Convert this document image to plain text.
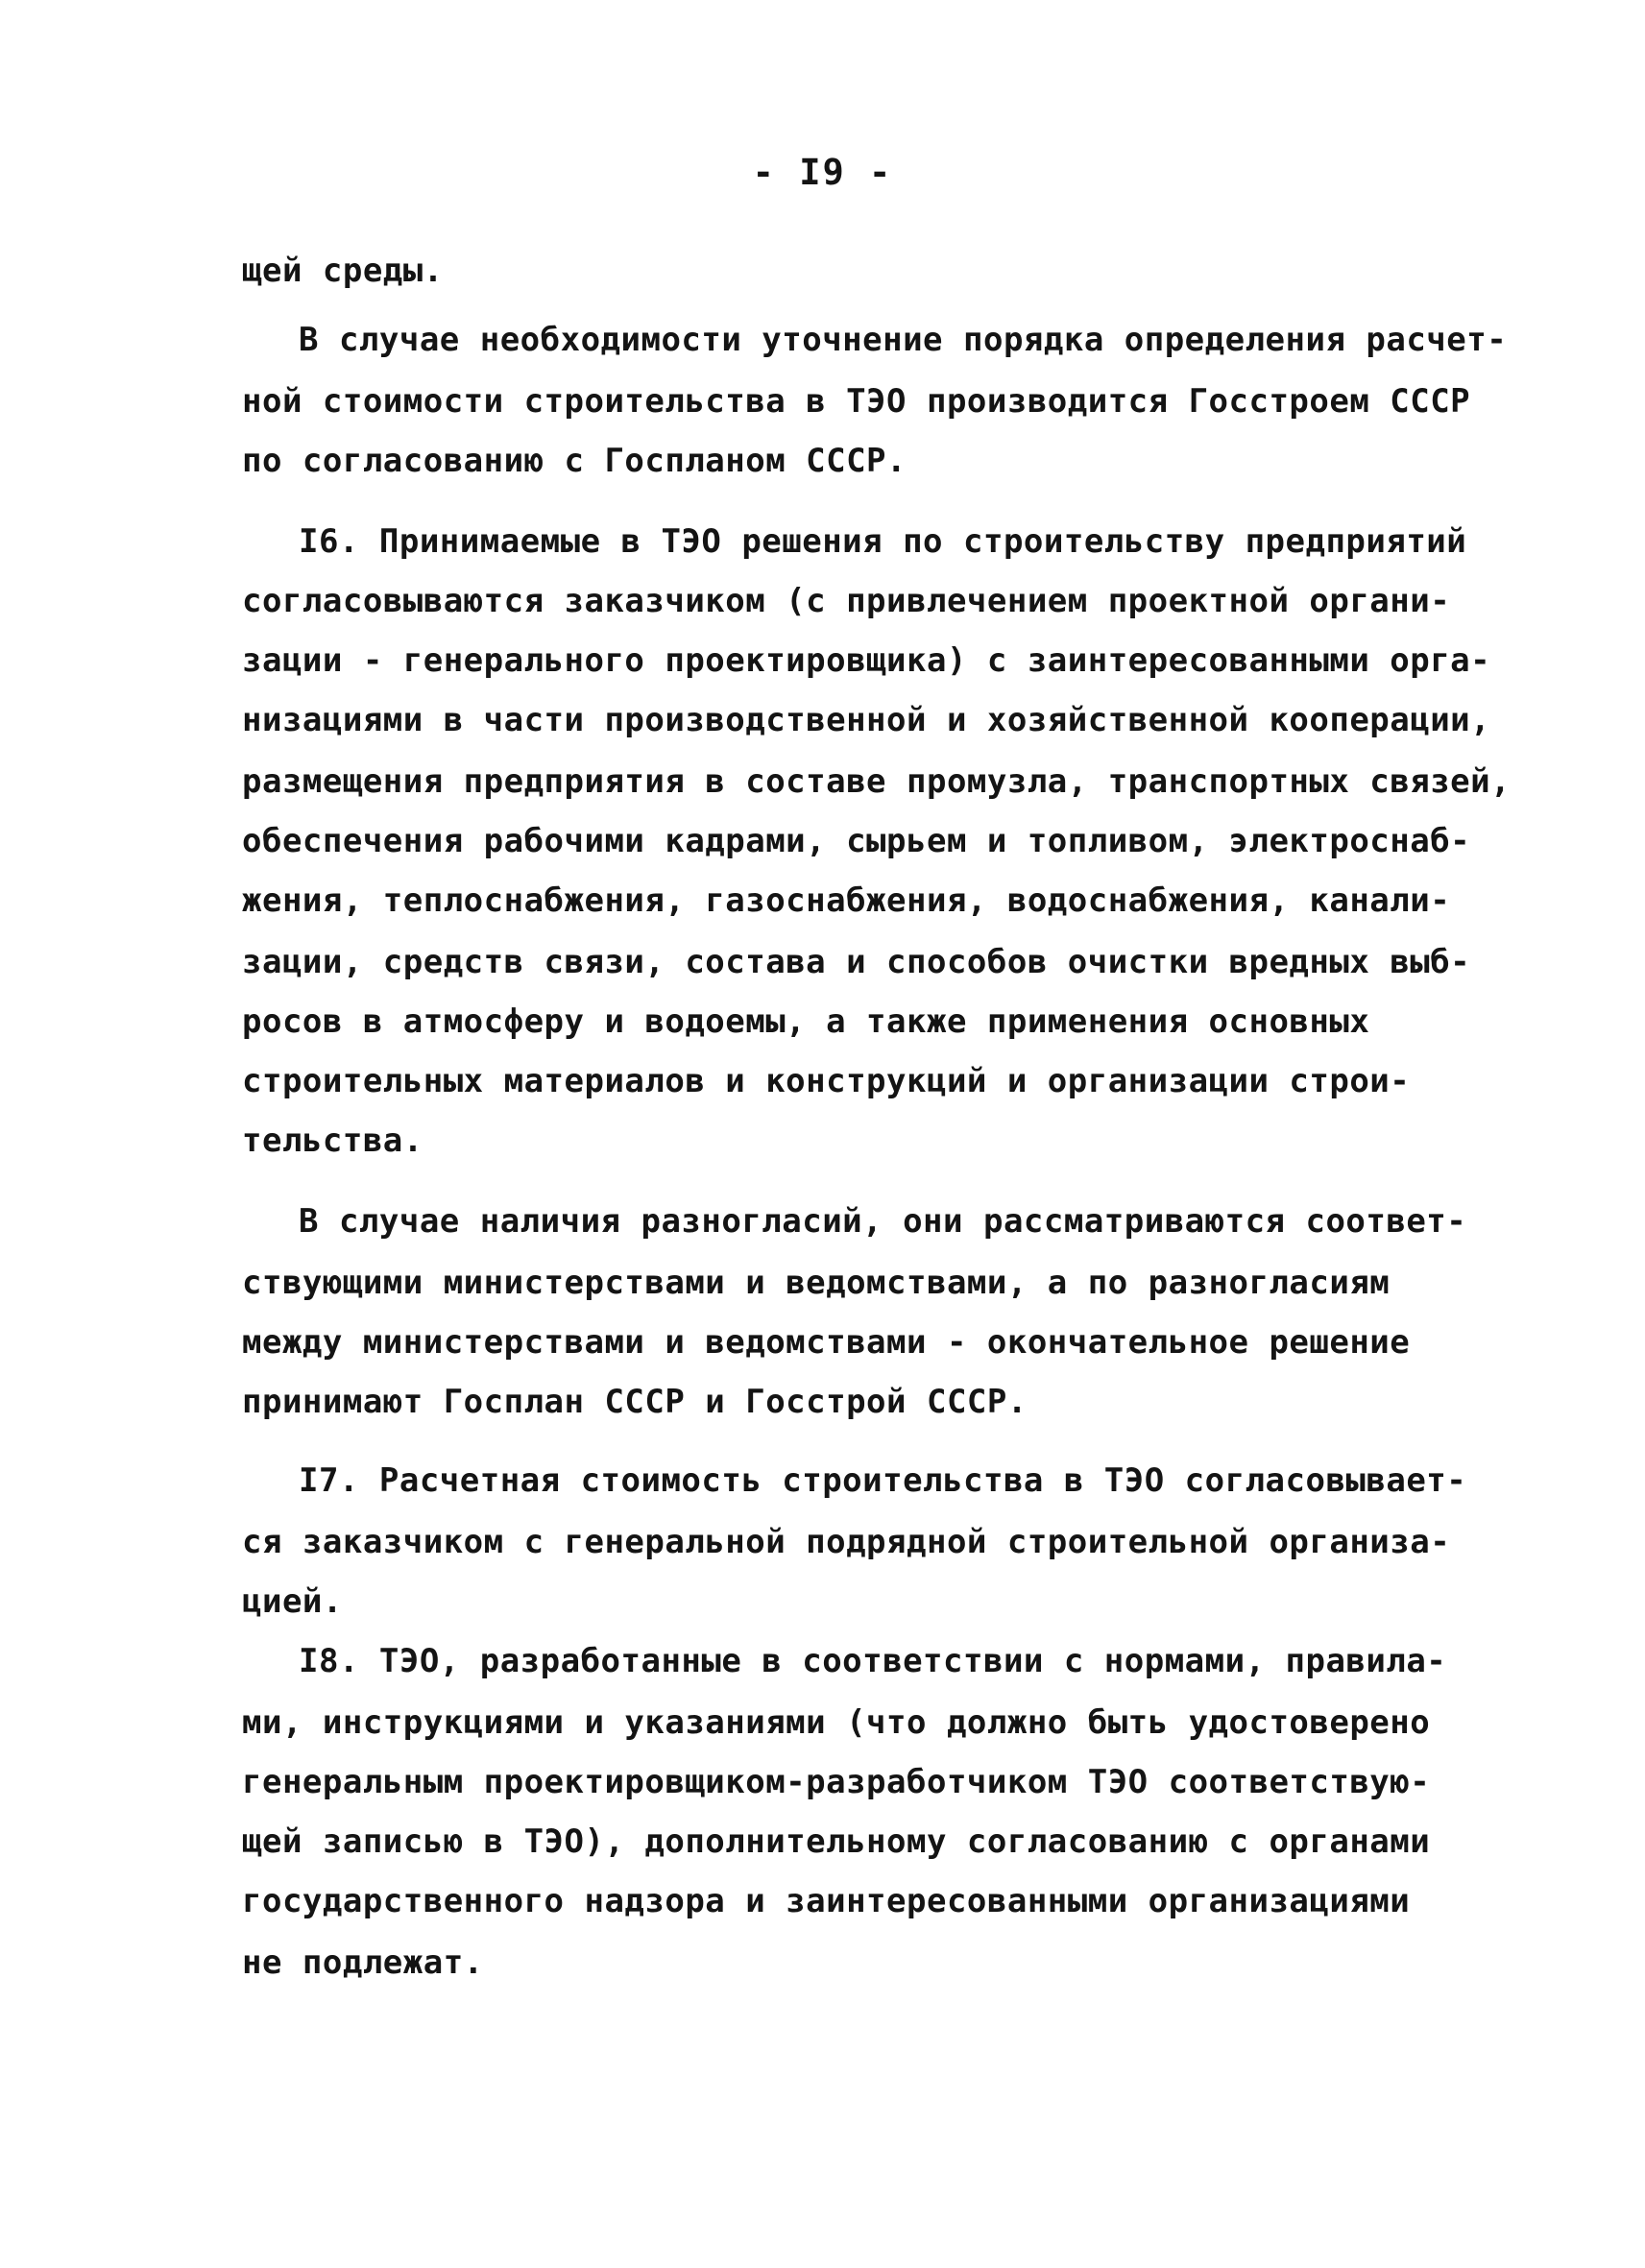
- I9 -
щей среды.
В случае необходимости уточнение порядка определения расчет-
ной стоимости строительства в ТЭО производится Госстроем СССР
по согласованию с Госпланом СССР.
I6. Принимаемые в ТЭО решения по строительству предприятий
согласовываются заказчиком (с привлечением проектной органи-
зации - генерального проектировщика) с заинтересованными орга-
низациями в части производственной и хозяйственной кооперации,
размещения предприятия в составе промузла, транспортных связей,
обеспечения рабочими кадрами, сырьем и топливом, электроснаб-
жения, теплоснабжения, газоснабжения, водоснабжения, канали-
зации, средств связи, состава и способов очистки вредных выб-
росов в атмосферу и водоемы, а также применения основных
строительных материалов и конструкций и организации строи-
тельства.
В случае наличия разногласий, они рассматриваются соответ-
ствующими министерствами и ведомствами, а по разногласиям
между министерствами и ведомствами - окончательное решение
принимают Госплан СССР и Госстрой СССР.
I7. Расчетная стоимость строительства в ТЭО согласовывает-
ся заказчиком с генеральной подрядной строительной организа-
цией.
I8. ТЭО, разработанные в соответствии с нормами, правила-
ми, инструкциями и указаниями (что должно быть удостоверено
генеральным проектировщиком-разработчиком ТЭО соответствую-
щей записью в ТЭО), дополнительному согласованию с органами
государственного надзора и заинтересованными организациями
не подлежат.
